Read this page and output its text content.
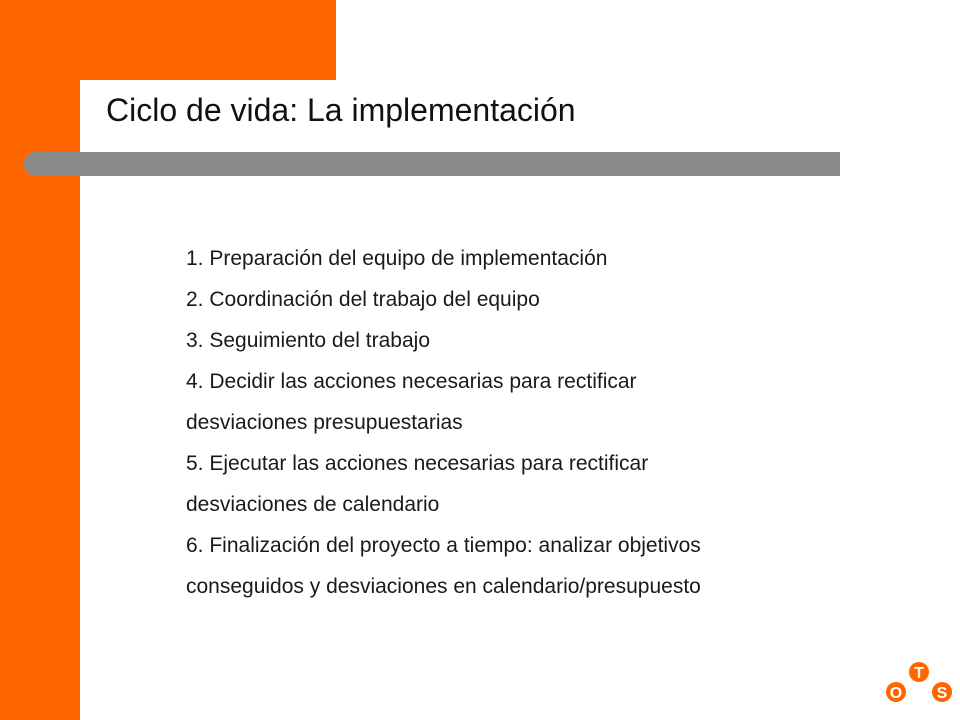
Ciclo de vida: La implementación
1. Preparación del equipo de implementación
2. Coordinación del trabajo del equipo
3. Seguimiento del trabajo
4. Decidir las acciones necesarias para rectificar
desviaciones presupuestarias
5. Ejecutar las acciones necesarias para rectificar
desviaciones de calendario
6. Finalización del proyecto a tiempo: analizar objetivos
conseguidos y desviaciones en calendario/presupuesto
O
T
S
